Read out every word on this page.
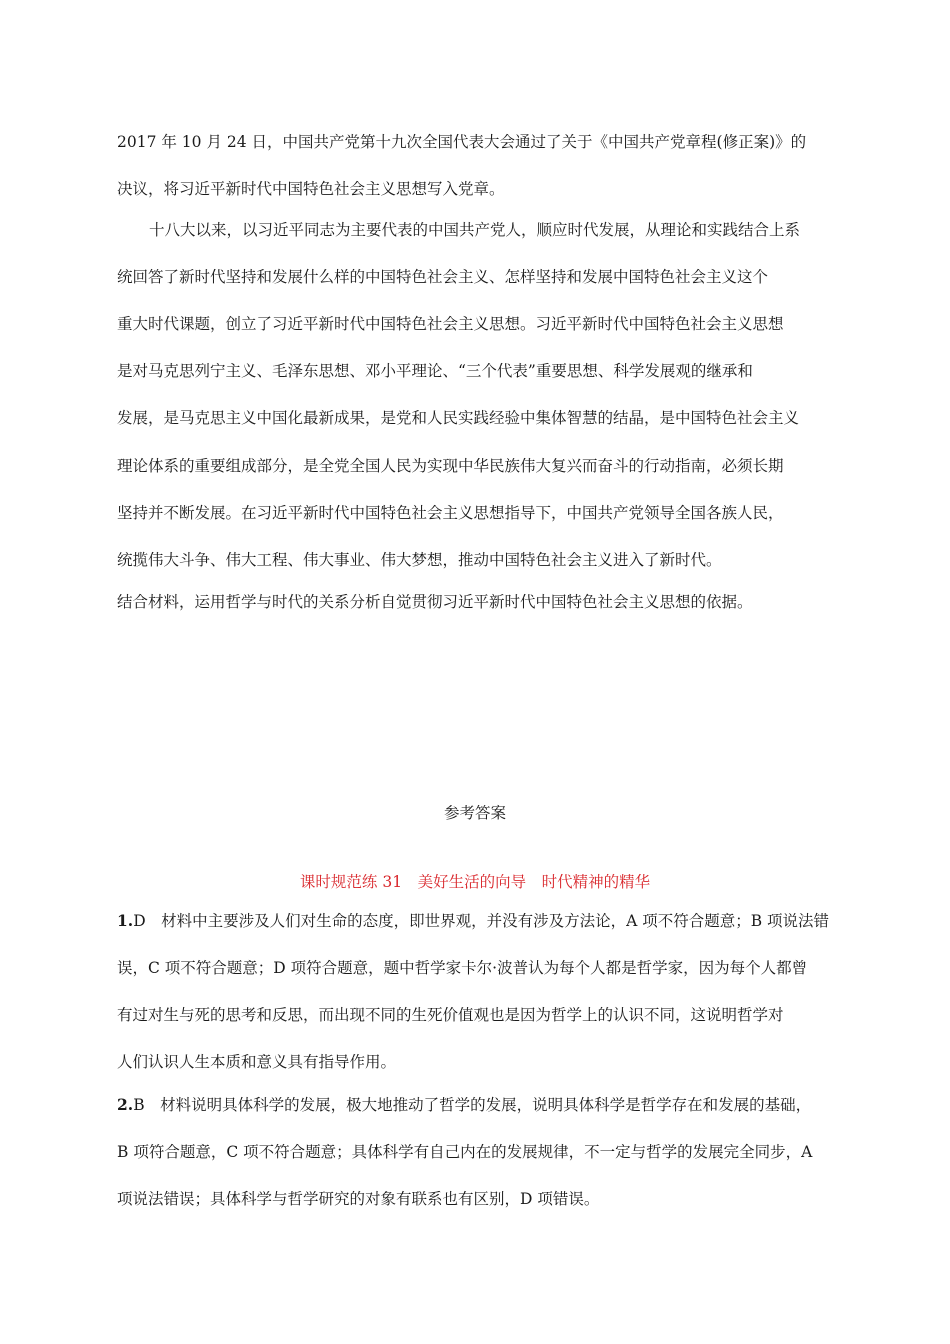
2017 年 10 月 24 日，中国共产党第十九次全国代表大会通过了关于《中国共产党章程(修正案)》的
决议，将习近平新时代中国特色社会主义思想写入党章。
十八大以来，以习近平同志为主要代表的中国共产党人，顺应时代发展，从理论和实践结合上系
统回答了新时代坚持和发展什么样的中国特色社会主义、怎样坚持和发展中国特色社会主义这个
重大时代课题，创立了习近平新时代中国特色社会主义思想。习近平新时代中国特色社会主义思想
是对马克思列宁主义、毛泽东思想、邓小平理论、“三个代表”重要思想、科学发展观的继承和
发展，是马克思主义中国化最新成果，是党和人民实践经验中集体智慧的结晶，是中国特色社会主义
理论体系的重要组成部分，是全党全国人民为实现中华民族伟大复兴而奋斗的行动指南，必须长期
坚持并不断发展。在习近平新时代中国特色社会主义思想指导下，中国共产党领导全国各族人民，
统揽伟大斗争、伟大工程、伟大事业、伟大梦想，推动中国特色社会主义进入了新时代。
结合材料，运用哲学与时代的关系分析自觉贯彻习近平新时代中国特色社会主义思想的依据。
参考答案
课时规范练 31　美好生活的向导　时代精神的精华
1.D　材料中主要涉及人们对生命的态度，即世界观，并没有涉及方法论，A 项不符合题意；B 项说法错
误，C 项不符合题意；D 项符合题意，题中哲学家卡尔·波普认为每个人都是哲学家，因为每个人都曾
有过对生与死的思考和反思，而出现不同的生死价值观也是因为哲学上的认识不同，这说明哲学对
人们认识人生本质和意义具有指导作用。
2.B　材料说明具体科学的发展，极大地推动了哲学的发展，说明具体科学是哲学存在和发展的基础，
B 项符合题意，C 项不符合题意；具体科学有自己内在的发展规律，不一定与哲学的发展完全同步，A
项说法错误；具体科学与哲学研究的对象有联系也有区别，D 项错误。
